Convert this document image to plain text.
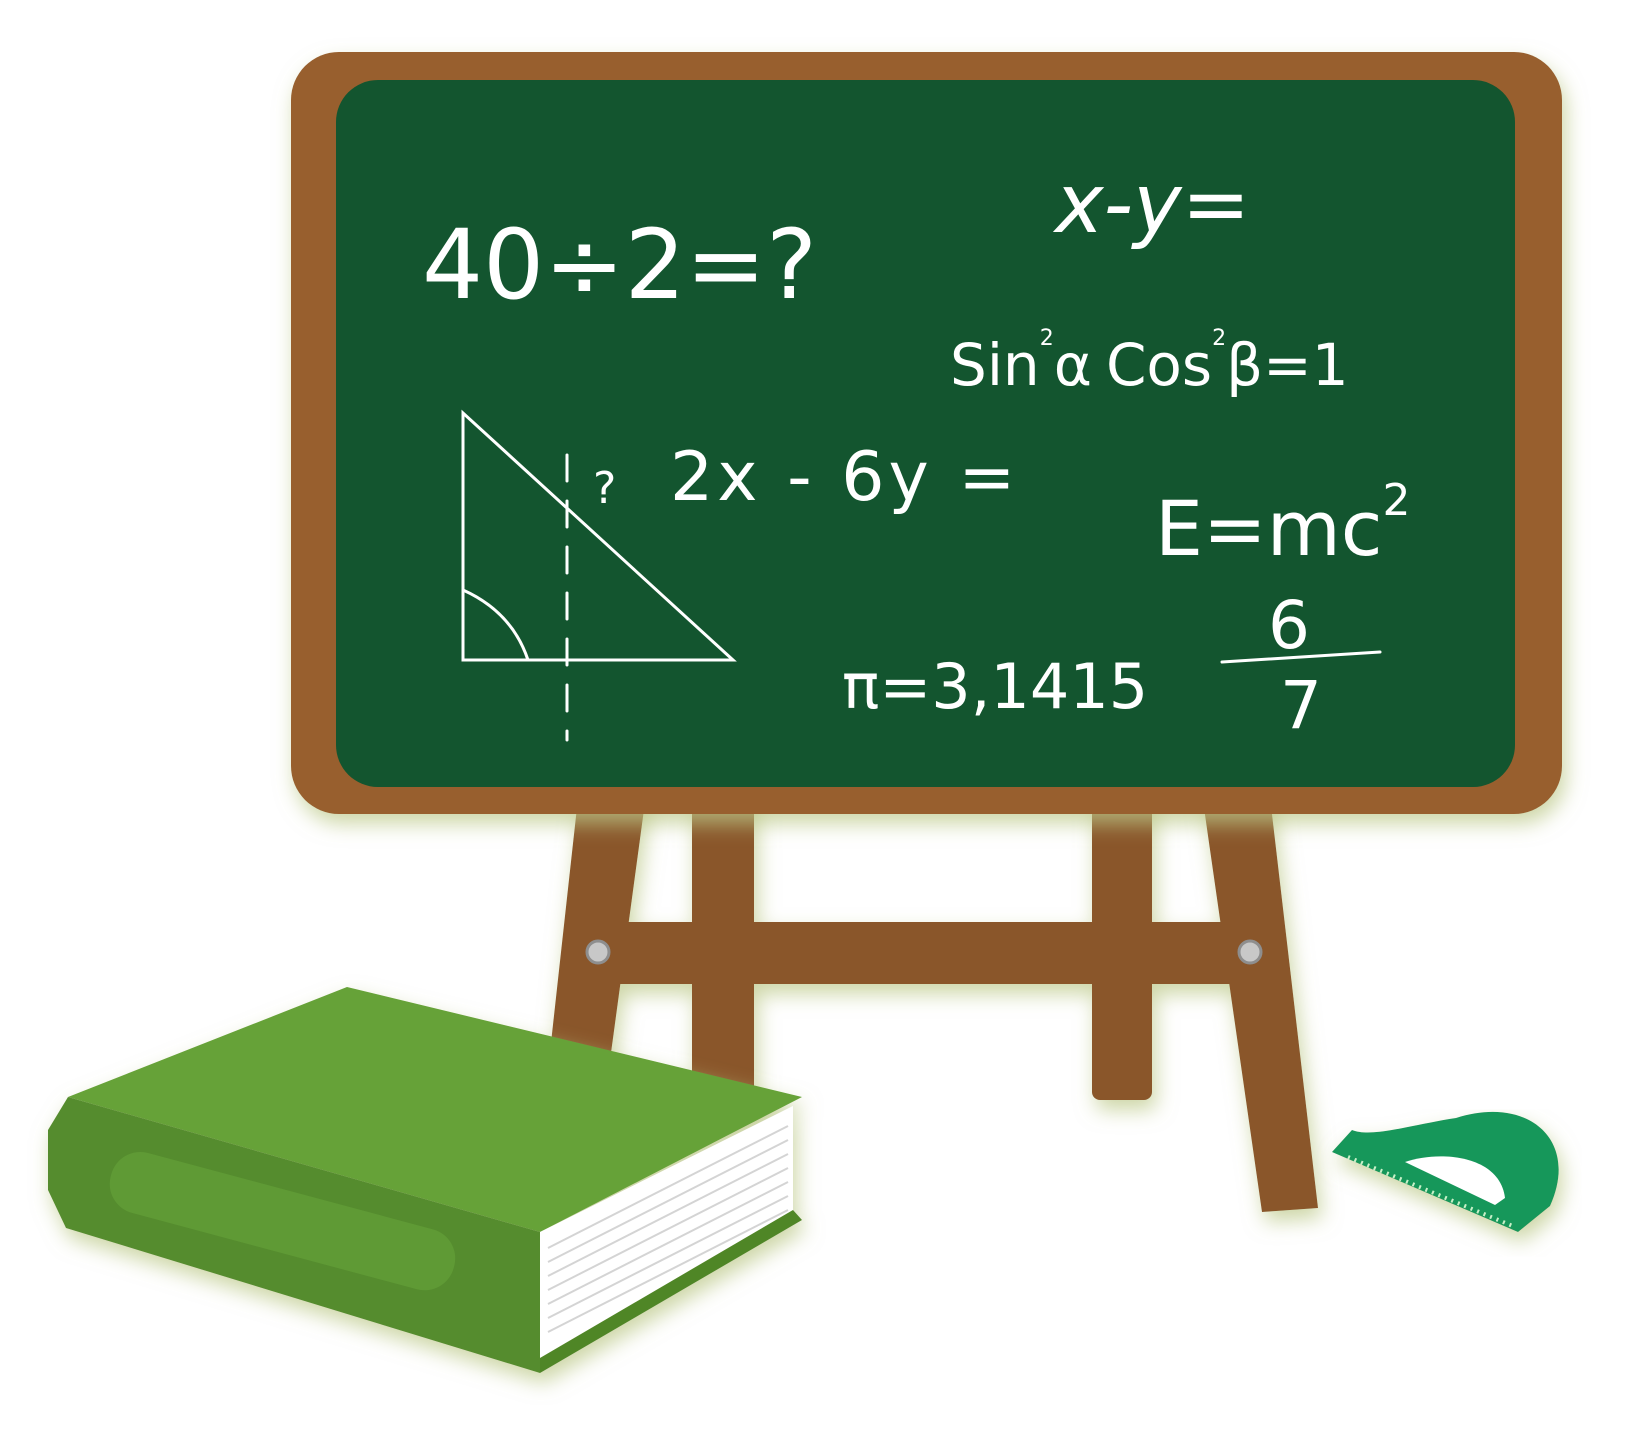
40÷2=?
x-y=
Sin$^2$α Cos$^2$β=1
? 2x - 6y =
$E=mc^2$
π=3,1415
6
7
